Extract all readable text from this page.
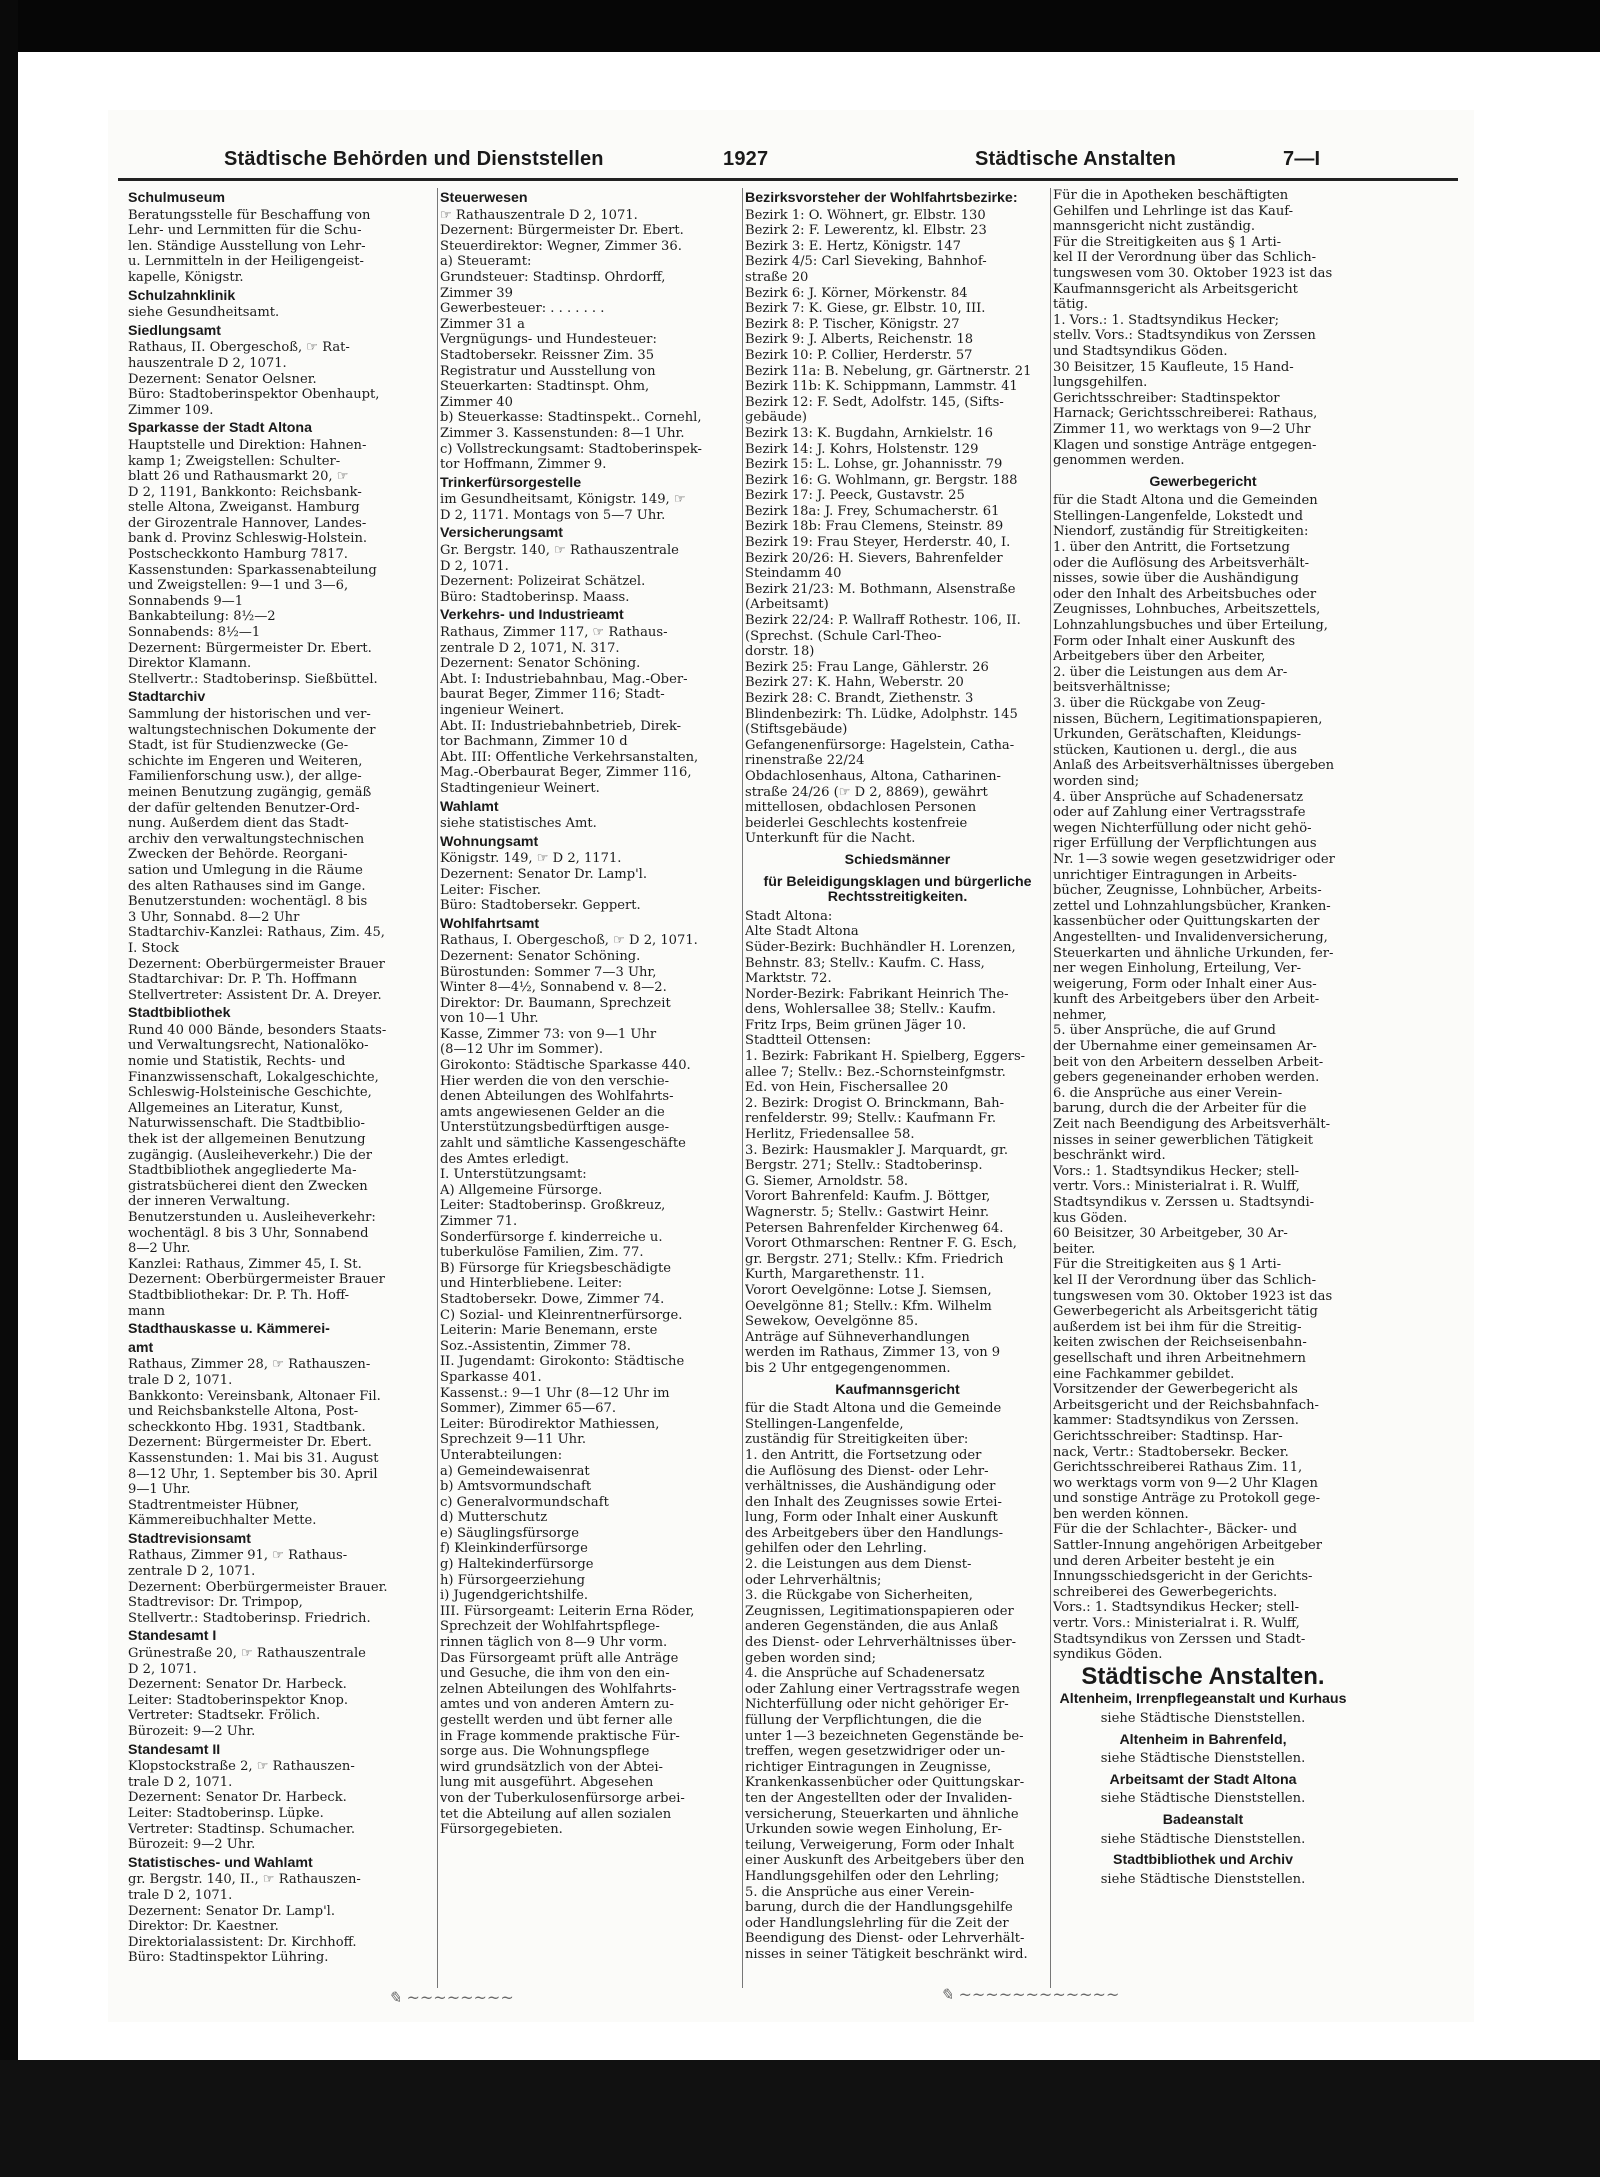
Städtische Behörden und Dienststellen	1927	Städtische Anstalten	7—I
Schulmuseum
Beratungsstelle für Beschaffung von
Lehr- und Lernmitten für die Schu-
len. Ständige Ausstellung von Lehr-
u. Lernmitteln in der Heiligengeist-
kapelle, Königstr.
Schulzahnklinik
siehe Gesundheitsamt.
Siedlungsamt
Rathaus, II. Obergeschoß, ☞ Rat-
hauszentrale D 2, 1071.
Dezernent: Senator Oelsner.
Büro: Stadtoberinspektor Obenhaupt,
Zimmer 109.
Sparkasse der Stadt Altona
Hauptstelle und Direktion: Hahnen-
kamp 1; Zweigstellen: Schulter-
blatt 26 und Rathausmarkt 20, ☞
D 2, 1191, Bankkonto: Reichsbank-
stelle Altona, Zweiganst. Hamburg
der Girozentrale Hannover, Landes-
bank d. Provinz Schleswig-Holstein.
Postscheckkonto Hamburg 7817.
Kassenstunden: Sparkassenabteilung
und Zweigstellen: 9—1 und 3—6,
Sonnabends 9—1
Bankabteilung: 8½—2
Sonnabends: 8½—1
Dezernent: Bürgermeister Dr. Ebert.
Direktor Klamann.
Stellvertr.: Stadtoberinsp. Sießbüttel.
Stadtarchiv
Sammlung der historischen und ver-
waltungstechnischen Dokumente der
Stadt, ist für Studienzwecke (Ge-
schichte im Engeren und Weiteren,
Familienforschung usw.), der allge-
meinen Benutzung zugängig, gemäß
der dafür geltenden Benutzer-Ord-
nung. Außerdem dient das Stadt-
archiv den verwaltungstechnischen
Zwecken der Behörde. Reorgani-
sation und Umlegung in die Räume
des alten Rathauses sind im Gange.
Benutzerstunden: wochentägl. 8 bis
3 Uhr, Sonnabd. 8—2 Uhr
Stadtarchiv-Kanzlei: Rathaus, Zim. 45,
I. Stock
Dezernent: Oberbürgermeister Brauer
Stadtarchivar: Dr. P. Th. Hoffmann
Stellvertreter: Assistent Dr. A. Dreyer.
Stadtbibliothek
Rund 40 000 Bände, besonders Staats-
und Verwaltungsrecht, Nationalöko-
nomie und Statistik, Rechts- und
Finanzwissenschaft, Lokalgeschichte,
Schleswig-Holsteinische Geschichte,
Allgemeines an Literatur, Kunst,
Naturwissenschaft. Die Stadtbiblio-
thek ist der allgemeinen Benutzung
zugängig. (Ausleiheverkehr.) Die der
Stadtbibliothek angegliederte Ma-
gistratsbücherei dient den Zwecken
der inneren Verwaltung.
Benutzerstunden u. Ausleiheverkehr:
wochentägl. 8 bis 3 Uhr, Sonnabend
8—2 Uhr.
Kanzlei: Rathaus, Zimmer 45, I. St.
Dezernent: Oberbürgermeister Brauer
Stadtbibliothekar: Dr. P. Th. Hoff-
mann
Stadthauskasse u. Kämmerei-
amt
Rathaus, Zimmer 28, ☞ Rathauszen-
trale D 2, 1071.
Bankkonto: Vereinsbank, Altonaer Fil.
und Reichsbankstelle Altona, Post-
scheckkonto Hbg. 1931, Stadtbank.
Dezernent: Bürgermeister Dr. Ebert.
Kassenstunden: 1. Mai bis 31. August
8—12 Uhr, 1. September bis 30. April
9—1 Uhr.
Stadtrentmeister Hübner,
Kämmereibuchhalter Mette.
Stadtrevisionsamt
Rathaus, Zimmer 91, ☞ Rathaus-
zentrale D 2, 1071.
Dezernent: Oberbürgermeister Brauer.
Stadtrevisor: Dr. Trimpop,
Stellvertr.: Stadtoberinsp. Friedrich.
Standesamt I
Grünestraße 20, ☞ Rathauszentrale
D 2, 1071.
Dezernent: Senator Dr. Harbeck.
Leiter: Stadtoberinspektor Knop.
Vertreter: Stadtsekr. Frölich.
Bürozeit: 9—2 Uhr.
Standesamt II
Klopstockstraße 2, ☞ Rathauszen-
trale D 2, 1071.
Dezernent: Senator Dr. Harbeck.
Leiter: Stadtoberinsp. Lüpke.
Vertreter: Stadtinsp. Schumacher.
Bürozeit: 9—2 Uhr.
Statistisches- und Wahlamt
gr. Bergstr. 140, II., ☞ Rathauszen-
trale D 2, 1071.
Dezernent: Senator Dr. Lamp'l.
Direktor: Dr. Kaestner.
Direktorialassistent: Dr. Kirchhoff.
Büro: Stadtinspektor Lühring.
Steuerwesen
☞ Rathauszentrale D 2, 1071.
Dezernent: Bürgermeister Dr. Ebert.
Steuerdirektor: Wegner, Zimmer 36.
a) Steueramt:
Grundsteuer: Stadtinsp. Ohrdorff,
Zimmer 39
Gewerbesteuer: . . . . . . .
Zimmer 31 a
Vergnügungs- und Hundesteuer:
Stadtobersekr. Reissner Zim. 35
Registratur und Ausstellung von
Steuerkarten: Stadtinspt. Ohm,
Zimmer 40
b) Steuerkasse: Stadtinspekt.. Cornehl,
Zimmer 3. Kassenstunden: 8—1 Uhr.
c) Vollstreckungsamt: Stadtoberinspek-
tor Hoffmann, Zimmer 9.
Trinkerfürsorgestelle
im Gesundheitsamt, Königstr. 149, ☞
D 2, 1171. Montags von 5—7 Uhr.
Versicherungsamt
Gr. Bergstr. 140, ☞ Rathauszentrale
D 2, 1071.
Dezernent: Polizeirat Schätzel.
Büro: Stadtoberinsp. Maass.
Verkehrs- und Industrieamt
Rathaus, Zimmer 117, ☞ Rathaus-
zentrale D 2, 1071, N. 317.
Dezernent: Senator Schöning.
Abt. I: Industriebahnbau, Mag.-Ober-
baurat Beger, Zimmer 116; Stadt-
ingenieur Weinert.
Abt. II: Industriebahnbetrieb, Direk-
tor Bachmann, Zimmer 10 d
Abt. III: Öffentliche Verkehrsanstalten,
Mag.-Oberbaurat Beger, Zimmer 116,
Stadtingenieur Weinert.
Wahlamt
siehe statistisches Amt.
Wohnungsamt
Königstr. 149, ☞ D 2, 1171.
Dezernent: Senator Dr. Lamp'l.
Leiter: Fischer.
Büro: Stadtobersekr. Geppert.
Wohlfahrtsamt
Rathaus, I. Obergeschoß, ☞ D 2, 1071.
Dezernent: Senator Schöning.
Bürostunden: Sommer 7—3 Uhr,
Winter 8—4½, Sonnabend v. 8—2.
Direktor: Dr. Baumann, Sprechzeit
von 10—1 Uhr.
Kasse, Zimmer 73: von 9—1 Uhr
(8—12 Uhr im Sommer).
Girokonto: Städtische Sparkasse 440.
Hier werden die von den verschie-
denen Abteilungen des Wohlfahrts-
amts angewiesenen Gelder an die
Unterstützungsbedürftigen ausge-
zahlt und sämtliche Kassengeschäfte
des Amtes erledigt.
I. Unterstützungsamt:
A) Allgemeine Fürsorge.
Leiter: Stadtoberinsp. Großkreuz,
Zimmer 71.
Sonderfürsorge f. kinderreiche u.
tuberkulöse Familien, Zim. 77.
B) Fürsorge für Kriegsbeschädigte
und Hinterbliebene. Leiter:
Stadtobersekr. Dowe, Zimmer 74.
C) Sozial- und Kleinrentnerfürsorge.
Leiterin: Marie Benemann, erste
Soz.-Assistentin, Zimmer 78.
II. Jugendamt: Girokonto: Städtische
Sparkasse 401.
Kassenst.: 9—1 Uhr (8—12 Uhr im
Sommer), Zimmer 65—67.
Leiter: Bürodirektor Mathiessen,
Sprechzeit 9—11 Uhr.
Unterabteilungen:
a) Gemeindewaisenrat
b) Amtsvormundschaft
c) Generalvormundschaft
d) Mutterschutz
e) Säuglingsfürsorge
f) Kleinkinderfürsorge
g) Haltekinderfürsorge
h) Fürsorgeerziehung
i) Jugendgerichtshilfe.
III. Fürsorgeamt: Leiterin Erna Röder,
Sprechzeit der Wohlfahrtspflege-
rinnen täglich von 8—9 Uhr vorm.
Das Fürsorgeamt prüft alle Anträge
und Gesuche, die ihm von den ein-
zelnen Abteilungen des Wohlfahrts-
amtes und von anderen Ämtern zu-
gestellt werden und übt ferner alle
in Frage kommende praktische Für-
sorge aus. Die Wohnungspflege
wird grundsätzlich von der Abtei-
lung mit ausgeführt. Abgesehen
von der Tuberkulosenfürsorge arbei-
tet die Abteilung auf allen sozialen
Fürsorgegebieten.
Bezirksvorsteher der Wohlfahrtsbezirke:
Bezirk 1: O. Wöhnert, gr. Elbstr. 130
Bezirk 2: F. Lewerentz, kl. Elbstr. 23
Bezirk 3: E. Hertz, Königstr. 147
Bezirk 4/5: Carl Sieveking, Bahnhof-
straße 20
Bezirk 6: J. Körner, Mörkenstr. 84
Bezirk 7: K. Giese, gr. Elbstr. 10, III.
Bezirk 8: P. Tischer, Königstr. 27
Bezirk 9: J. Alberts, Reichenstr. 18
Bezirk 10: P. Collier, Herderstr. 57
Bezirk 11a: B. Nebelung, gr. Gärtnerstr. 21
Bezirk 11b: K. Schippmann, Lammstr. 41
Bezirk 12: F. Sedt, Adolfstr. 145, (Sifts-
gebäude)
Bezirk 13: K. Bugdahn, Arnkielstr. 16
Bezirk 14: J. Kohrs, Holstenstr. 129
Bezirk 15: L. Lohse, gr. Johannisstr. 79
Bezirk 16: G. Wohlmann, gr. Bergstr. 188
Bezirk 17: J. Peeck, Gustavstr. 25
Bezirk 18a: J. Frey, Schumacherstr. 61
Bezirk 18b: Frau Clemens, Steinstr. 89
Bezirk 19: Frau Steyer, Herderstr. 40, I.
Bezirk 20/26: H. Sievers, Bahrenfelder
Steindamm 40
Bezirk 21/23: M. Bothmann, Alsenstraße
(Arbeitsamt)
Bezirk 22/24: P. Wallraff Rothestr. 106, II.
(Sprechst. (Schule Carl-Theo-
dorstr. 18)
Bezirk 25: Frau Lange, Gählerstr. 26
Bezirk 27: K. Hahn, Weberstr. 20
Bezirk 28: C. Brandt, Ziethenstr. 3
Blindenbezirk: Th. Lüdke, Adolphstr. 145
(Stiftsgebäude)
Gefangenenfürsorge: Hagelstein, Catha-
rinenstraße 22/24
Obdachlosenhaus, Altona, Catharinen-
straße 24/26 (☞ D 2, 8869), gewährt
mittellosen, obdachlosen Personen
beiderlei Geschlechts kostenfreie
Unterkunft für die Nacht.
Schiedsmänner
für Beleidigungsklagen und bürgerliche Rechtsstreitigkeiten.
Stadt Altona:
Alte Stadt Altona
Süder-Bezirk: Buchhändler H. Lorenzen,
Behnstr. 83; Stellv.: Kaufm. C. Hass,
Marktstr. 72.
Norder-Bezirk: Fabrikant Heinrich The-
dens, Wohlersallee 38; Stellv.: Kaufm.
Fritz Irps, Beim grünen Jäger 10.
Stadtteil Ottensen:
1. Bezirk: Fabrikant H. Spielberg, Eggers-
allee 7; Stellv.: Bez.-Schornsteinfgmstr.
Ed. von Hein, Fischersallee 20
2. Bezirk: Drogist O. Brinckmann, Bah-
renfelderstr. 99; Stellv.: Kaufmann Fr.
Herlitz, Friedensallee 58.
3. Bezirk: Hausmakler J. Marquardt, gr.
Bergstr. 271; Stellv.: Stadtoberinsp.
G. Siemer, Arnoldstr. 58.
Vorort Bahrenfeld: Kaufm. J. Böttger,
Wagnerstr. 5; Stellv.: Gastwirt Heinr.
Petersen Bahrenfelder Kirchenweg 64.
Vorort Othmarschen: Rentner F. G. Esch,
gr. Bergstr. 271; Stellv.: Kfm. Friedrich
Kurth, Margarethenstr. 11.
Vorort Oevelgönne: Lotse J. Siemsen,
Oevelgönne 81; Stellv.: Kfm. Wilhelm
Sewekow, Oevelgönne 85.
Anträge auf Sühneverhandlungen
werden im Rathaus, Zimmer 13, von 9
bis 2 Uhr entgegengenommen.
Kaufmannsgericht
für die Stadt Altona und die Gemeinde
Stellingen-Langenfelde,
zuständig für Streitigkeiten über:
1. den Antritt, die Fortsetzung oder
die Auflösung des Dienst- oder Lehr-
verhältnisses, die Aushändigung oder
den Inhalt des Zeugnisses sowie Ertei-
lung, Form oder Inhalt einer Auskunft
des Arbeitgebers über den Handlungs-
gehilfen oder den Lehrling.
2. die Leistungen aus dem Dienst-
oder Lehrverhältnis;
3. die Rückgabe von Sicherheiten,
Zeugnissen, Legitimationspapieren oder
anderen Gegenständen, die aus Anlaß
des Dienst- oder Lehrverhältnisses über-
geben worden sind;
4. die Ansprüche auf Schadenersatz
oder Zahlung einer Vertragsstrafe wegen
Nichterfüllung oder nicht gehöriger Er-
füllung der Verpflichtungen, die die
unter 1—3 bezeichneten Gegenstände be-
treffen, wegen gesetzwidriger oder un-
richtiger Eintragungen in Zeugnisse,
Krankenkassenbücher oder Quittungskar-
ten der Angestellten oder der Invaliden-
versicherung, Steuerkarten und ähnliche
Urkunden sowie wegen Einholung, Er-
teilung, Verweigerung, Form oder Inhalt
einer Auskunft des Arbeitgebers über den
Handlungsgehilfen oder den Lehrling;
5. die Ansprüche aus einer Verein-
barung, durch die der Handlungsgehilfe
oder Handlungslehrling für die Zeit der
Beendigung des Dienst- oder Lehrverhält-
nisses in seiner Tätigkeit beschränkt wird.
Für die in Apotheken beschäftigten
Gehilfen und Lehrlinge ist das Kauf-
mannsgericht nicht zuständig.
Für die Streitigkeiten aus § 1 Arti-
kel II der Verordnung über das Schlich-
tungswesen vom 30. Oktober 1923 ist das
Kaufmannsgericht als Arbeitsgericht
tätig.
1. Vors.: 1. Stadtsyndikus Hecker;
stellv. Vors.: Stadtsyndikus von Zerssen
und Stadtsyndikus Göden.
30 Beisitzer, 15 Kaufleute, 15 Hand-
lungsgehilfen.
Gerichtsschreiber: Stadtinspektor
Harnack; Gerichtsschreiberei: Rathaus,
Zimmer 11, wo werktags von 9—2 Uhr
Klagen und sonstige Anträge entgegen-
genommen werden.
Gewerbegericht
für die Stadt Altona und die Gemeinden
Stellingen-Langenfelde, Lokstedt und
Niendorf, zuständig für Streitigkeiten:
1. über den Antritt, die Fortsetzung
oder die Auflösung des Arbeitsverhält-
nisses, sowie über die Aushändigung
oder den Inhalt des Arbeitsbuches oder
Zeugnisses, Lohnbuches, Arbeitszettels,
Lohnzahlungsbuches und über Erteilung,
Form oder Inhalt einer Auskunft des
Arbeitgebers über den Arbeiter,
2. über die Leistungen aus dem Ar-
beitsverhältnisse;
3. über die Rückgabe von Zeug-
nissen, Büchern, Legitimationspapieren,
Urkunden, Gerätschaften, Kleidungs-
stücken, Kautionen u. dergl., die aus
Anlaß des Arbeitsverhältnisses übergeben
worden sind;
4. über Ansprüche auf Schadenersatz
oder auf Zahlung einer Vertragsstrafe
wegen Nichterfüllung oder nicht gehö-
riger Erfüllung der Verpflichtungen aus
Nr. 1—3 sowie wegen gesetzwidriger oder
unrichtiger Eintragungen in Arbeits-
bücher, Zeugnisse, Lohnbücher, Arbeits-
zettel und Lohnzahlungsbücher, Kranken-
kassenbücher oder Quittungskarten der
Angestellten- und Invalidenversicherung,
Steuerkarten und ähnliche Urkunden, fer-
ner wegen Einholung, Erteilung, Ver-
weigerung, Form oder Inhalt einer Aus-
kunft des Arbeitgebers über den Arbeit-
nehmer,
5. über Ansprüche, die auf Grund
der Übernahme einer gemeinsamen Ar-
beit von den Arbeitern desselben Arbeit-
gebers gegeneinander erhoben werden.
6. die Ansprüche aus einer Verein-
barung, durch die der Arbeiter für die
Zeit nach Beendigung des Arbeitsverhält-
nisses in seiner gewerblichen Tätigkeit
beschränkt wird.
Vors.: 1. Stadtsyndikus Hecker; stell-
vertr. Vors.: Ministerialrat i. R. Wulff,
Stadtsyndikus v. Zerssen u. Stadtsyndi-
kus Göden.
60 Beisitzer, 30 Arbeitgeber, 30 Ar-
beiter.
Für die Streitigkeiten aus § 1 Arti-
kel II der Verordnung über das Schlich-
tungswesen vom 30. Oktober 1923 ist das
Gewerbegericht als Arbeitsgericht tätig
außerdem ist bei ihm für die Streitig-
keiten zwischen der Reichseisenbahn-
gesellschaft und ihren Arbeitnehmern
eine Fachkammer gebildet.
Vorsitzender der Gewerbegericht als
Arbeitsgericht und der Reichsbahnfach-
kammer: Stadtsyndikus von Zerssen.
Gerichtsschreiber: Stadtinsp. Har-
nack, Vertr.: Stadtobersekr. Becker.
Gerichtsschreiberei Rathaus Zim. 11,
wo werktags vorm von 9—2 Uhr Klagen
und sonstige Anträge zu Protokoll gege-
ben werden können.
Für die der Schlachter-, Bäcker- und
Sattler-Innung angehörigen Arbeitgeber
und deren Arbeiter besteht je ein
Innungsschiedsgericht in der Gerichts-
schreiberei des Gewerbegerichts.
Vors.: 1. Stadtsyndikus Hecker; stell-
vertr. Vors.: Ministerialrat i. R. Wulff,
Stadtsyndikus von Zerssen und Stadt-
syndikus Göden.
Städtische Anstalten.
Altenheim, Irrenpflegeanstalt und Kurhaus
siehe Städtische Dienststellen.
Altenheim in Bahrenfeld,
siehe Städtische Dienststellen.
Arbeitsamt der Stadt Altona
siehe Städtische Dienststellen.
Badeanstalt
siehe Städtische Dienststellen.
Stadtbibliothek und Archiv
siehe Städtische Dienststellen.
✎ ~~~~~~~~	✎ ~~~~~~~~~~~~
